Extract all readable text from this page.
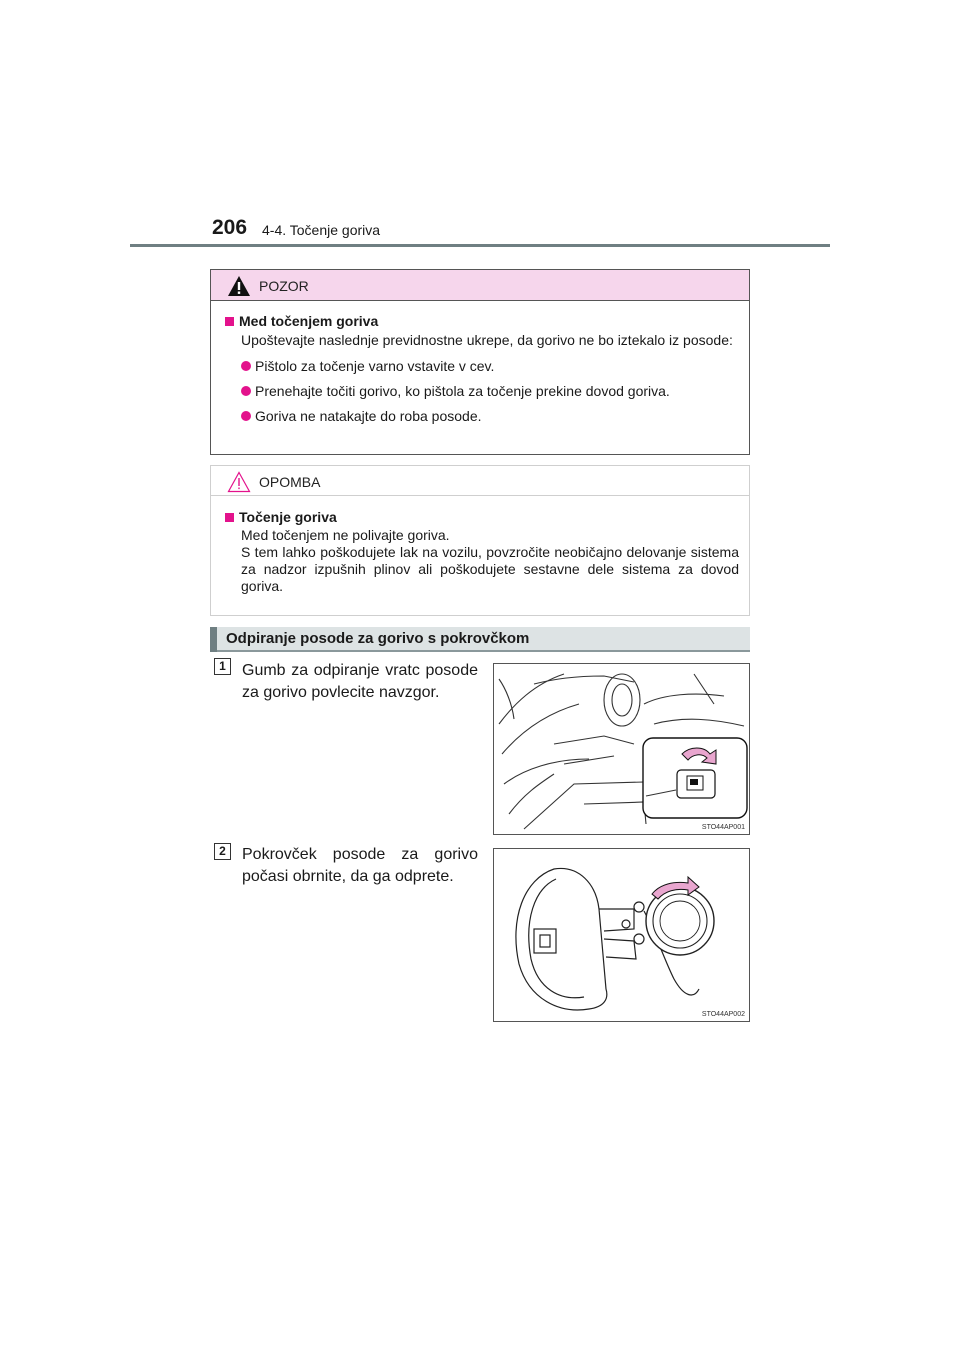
206 4-4. Točenje goriva
POZOR
Med točenjem goriva
Upoštevajte naslednje previdnostne ukrepe, da gorivo ne bo iztekalo iz posode:
Pištolo za točenje varno vstavite v cev.
Prenehajte točiti gorivo, ko pištola za točenje prekine dovod goriva.
Goriva ne natakajte do roba posode.
OPOMBA
Točenje goriva
Med točenjem ne polivajte goriva.
S tem lahko poškodujete lak na vozilu, povzročite neobičajno delovanje sistema za nadzor izpušnih plinov ali poškodujete sestavne dele sistema za dovod goriva.
Odpiranje posode za gorivo s pokrovčkom
1	Gumb za odpiranje vratc posode za gorivo povlecite navzgor.
STO44AP001
2	Pokrovček posode za gorivo počasi obrnite, da ga odprete.
STO44AP002
